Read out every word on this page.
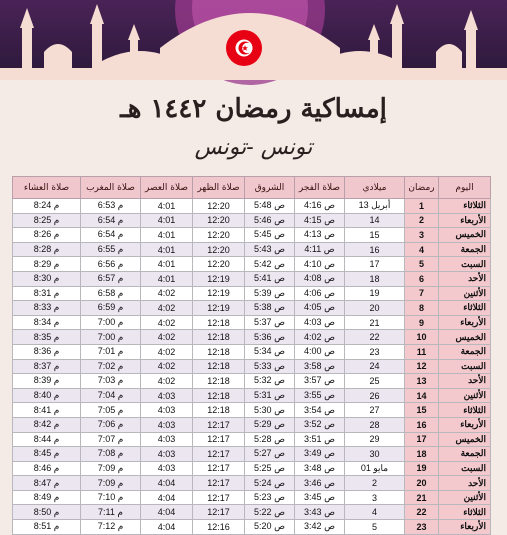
إمساكية رمضان ١٤٤٢ هـ
تونس -تونس
اليوم	رمضان	ميلادي	صلاة الفجر	الشروق	صلاة الظهر	صلاة العصر	صلاة المغرب	صلاة العشاء
الثلاثاء	1	أبريل 13	ص 4:16	ص 5:48	12:20	4:01	م 6:53	م 8:24
الأربعاء	2	14	ص 4:15	ص 5:46	12:20	4:01	م 6:54	م 8:25
الخميس	3	15	ص 4:13	ص 5:45	12:20	4:01	م 6:54	م 8:26
الجمعة	4	16	ص 4:11	ص 5:43	12:20	4:01	م 6:55	م 8:28
السبت	5	17	ص 4:10	ص 5:42	12:20	4:01	م 6:56	م 8:29
الأحد	6	18	ص 4:08	ص 5:41	12:19	4:01	م 6:57	م 8:30
الأثنين	7	19	ص 4:06	ص 5:39	12:19	4:02	م 6:58	م 8:31
الثلاثاء	8	20	ص 4:05	ص 5:38	12:19	4:02	م 6:59	م 8:33
الأربعاء	9	21	ص 4:03	ص 5:37	12:18	4:02	م 7:00	م 8:34
الخميس	10	22	ص 4:02	ص 5:36	12:18	4:02	م 7:00	م 8:35
الجمعة	11	23	ص 4:00	ص 5:34	12:18	4:02	م 7:01	م 8:36
السبت	12	24	ص 3:58	ص 5:33	12:18	4:02	م 7:02	م 8:37
الأحد	13	25	ص 3:57	ص 5:32	12:18	4:02	م 7:03	م 8:39
الأثنين	14	26	ص 3:55	ص 5:31	12:18	4:03	م 7:04	م 8:40
الثلاثاء	15	27	ص 3:54	ص 5:30	12:18	4:03	م 7:05	م 8:41
الأربعاء	16	28	ص 3:52	ص 5:29	12:17	4:03	م 7:06	م 8:42
الخميس	17	29	ص 3:51	ص 5:28	12:17	4:03	م 7:07	م 8:44
الجمعة	18	30	ص 3:49	ص 5:27	12:17	4:03	م 7:08	م 8:45
السبت	19	مايو 01	ص 3:48	ص 5:25	12:17	4:03	م 7:09	م 8:46
الأحد	20	2	ص 3:46	ص 5:24	12:17	4:04	م 7:09	م 8:47
الأثنين	21	3	ص 3:45	ص 5:23	12:17	4:04	م 7:10	م 8:49
الثلاثاء	22	4	ص 3:43	ص 5:22	12:17	4:04	م 7:11	م 8:50
الأربعاء	23	5	ص 3:42	ص 5:20	12:16	4:04	م 7:12	م 8:51
